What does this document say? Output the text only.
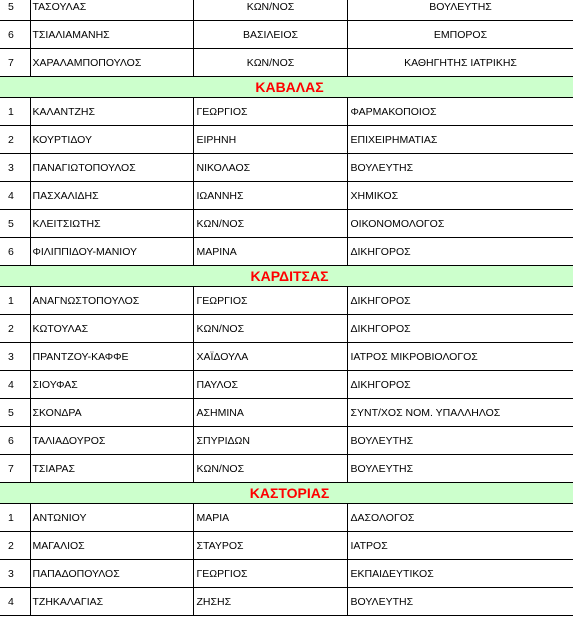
5	ΤΑΣΟΥΛΑΣ	ΚΩΝ/ΝΟΣ	ΒΟΥΛΕΥΤΗΣ
6	ΤΣΙΑΛΙΑΜΑΝΗΣ	ΒΑΣΙΛΕΙΟΣ	ΕΜΠΟΡΟΣ
7	ΧΑΡΑΛΑΜΠΟΠΟΥΛΟΣ	ΚΩΝ/ΝΟΣ	ΚΑΘΗΓΗΤΗΣ ΙΑΤΡΙΚΗΣ
ΚΑΒΑΛΑΣ			
1	ΚΑΛΑΝΤΖΗΣ	ΓΕΩΡΓΙΟΣ	ΦΑΡΜΑΚΟΠΟΙΟΣ
2	ΚΟΥΡΤΙΔΟΥ	ΕΙΡΗΝΗ	ΕΠΙΧΕΙΡΗΜΑΤΙΑΣ
3	ΠΑΝΑΓΙΩΤΟΠΟΥΛΟΣ	ΝΙΚΟΛΑΟΣ	ΒΟΥΛΕΥΤΗΣ
4	ΠΑΣΧΑΛΙΔΗΣ	ΙΩΑΝΝΗΣ	ΧΗΜΙΚΟΣ
5	ΚΛΕΙΤΣΙΩΤΗΣ	ΚΩΝ/ΝΟΣ	ΟΙΚΟΝΟΜΟΛΟΓΟΣ
6	ΦΙΛΙΠΠΙΔΟΥ-ΜΑΝΙΟΥ	ΜΑΡΙΝΑ	ΔΙΚΗΓΟΡΟΣ
ΚΑΡΔΙΤΣΑΣ			
1	ΑΝΑΓΝΩΣΤΟΠΟΥΛΟΣ	ΓΕΩΡΓΙΟΣ	ΔΙΚΗΓΟΡΟΣ
2	ΚΩΤΟΥΛΑΣ	ΚΩΝ/ΝΟΣ	ΔΙΚΗΓΟΡΟΣ
3	ΠΡΑΝΤΖΟΥ-ΚΑΦΦΕ	ΧΑΪΔΟΥΛΑ	ΙΑΤΡΟΣ ΜΙΚΡΟΒΙΟΛΟΓΟΣ
4	ΣΙΟΥΦΑΣ	ΠΑΥΛΟΣ	ΔΙΚΗΓΟΡΟΣ
5	ΣΚΟΝΔΡΑ	ΑΣΗΜΙΝΑ	ΣΥΝΤ/ΧΟΣ ΝΟΜ. ΥΠΑΛΛΗΛΟΣ
6	ΤΑΛΙΑΔΟΥΡΟΣ	ΣΠΥΡΙΔΩΝ	ΒΟΥΛΕΥΤΗΣ
7	ΤΣΙΑΡΑΣ	ΚΩΝ/ΝΟΣ	ΒΟΥΛΕΥΤΗΣ
ΚΑΣΤΟΡΙΑΣ			
1	ΑΝΤΩΝΙΟΥ	ΜΑΡΙΑ	ΔΑΣΟΛΟΓΟΣ
2	ΜΑΓΑΛΙΟΣ	ΣΤΑΥΡΟΣ	ΙΑΤΡΟΣ
3	ΠΑΠΑΔΟΠΟΥΛΟΣ	ΓΕΩΡΓΙΟΣ	ΕΚΠΑΙΔΕΥΤΙΚΟΣ
4	ΤΖΗΚΑΛΑΓΙΑΣ	ΖΗΣΗΣ	ΒΟΥΛΕΥΤΗΣ
